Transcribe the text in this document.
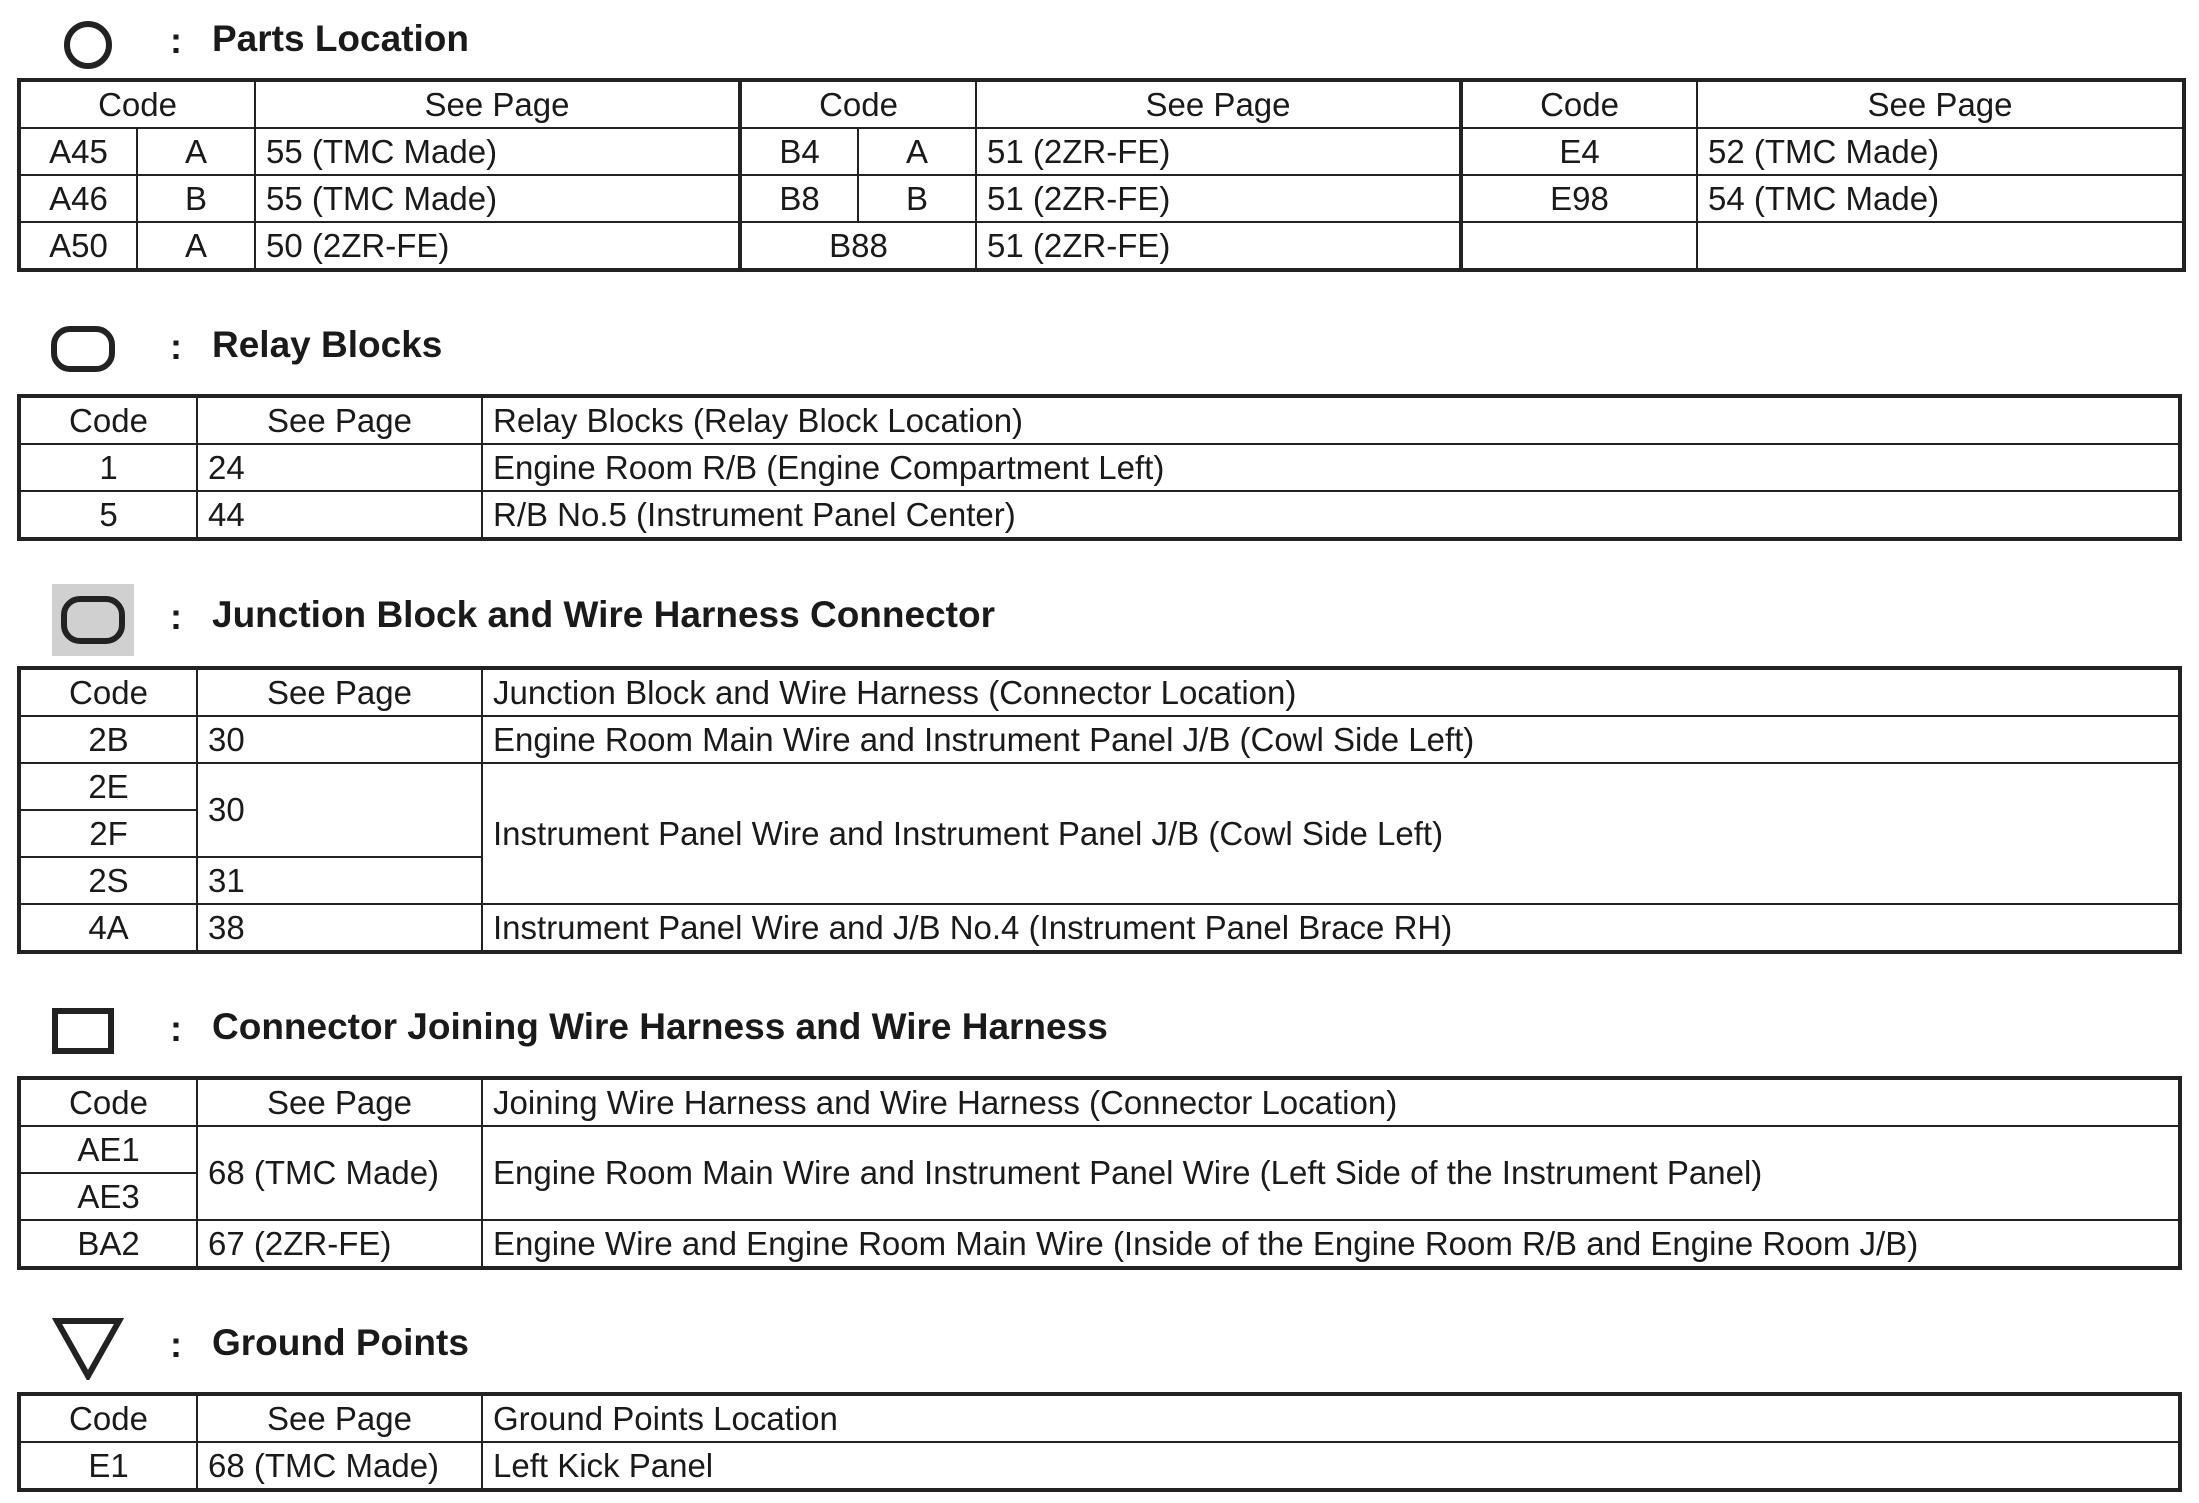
: Parts Location
Code		See Page	Code		See Page	Code	See Page
A45	A	55 (TMC Made)	B4	A	51 (2ZR-FE)	E4	52 (TMC Made)
A46	B	55 (TMC Made)	B8	B	51 (2ZR-FE)	E98	54 (TMC Made)
A50	A	50 (2ZR-FE)	B88		51 (2ZR-FE)		
: Relay Blocks
Code	See Page	Relay Blocks (Relay Block Location)
1	24	Engine Room R/B (Engine Compartment Left)
5	44	R/B No.5 (Instrument Panel Center)
: Junction Block and Wire Harness Connector
Code	See Page	Junction Block and Wire Harness (Connector Location)
2B	30	Engine Room Main Wire and Instrument Panel J/B (Cowl Side Left)
2E	30	Instrument Panel Wire and Instrument Panel J/B (Cowl Side Left)
2F		
2S	31	
4A	38	Instrument Panel Wire and J/B No.4 (Instrument Panel Brace RH)
: Connector Joining Wire Harness and Wire Harness
Code	See Page	Joining Wire Harness and Wire Harness (Connector Location)
AE1	68 (TMC Made)	Engine Room Main Wire and Instrument Panel Wire (Left Side of the Instrument Panel)
AE3		
BA2	67 (2ZR-FE)	Engine Wire and Engine Room Main Wire (Inside of the Engine Room R/B and Engine Room J/B)
: Ground Points
Code	See Page	Ground Points Location
E1	68 (TMC Made)	Left Kick Panel
